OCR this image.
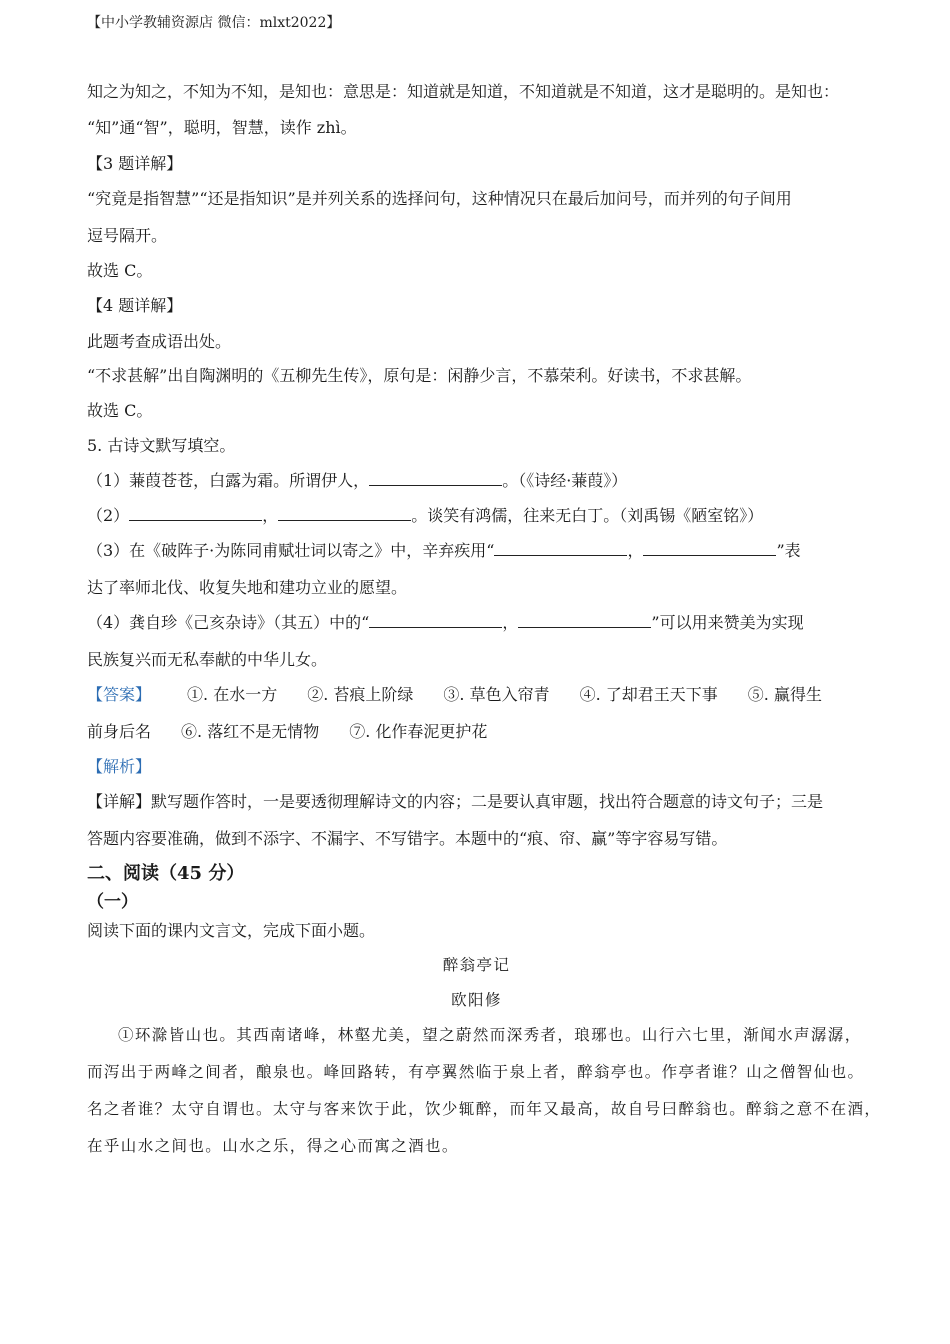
【中小学教辅资源店 微信：mlxt2022】
知之为知之，不知为不知，是知也：意思是：知道就是知道，不知道就是不知道，这才是聪明的。是知也：
“知”通“智”，聪明，智慧，读作 zhì。
【3 题详解】
“究竟是指智慧”“还是指知识”是并列关系的选择问句，这种情况只在最后加问号，而并列的句子间用
逗号隔开。
故选 C。
【4 题详解】
此题考查成语出处。
“不求甚解”出自陶渊明的《五柳先生传》，原句是：闲静少言，不慕荣利。好读书，不求甚解。
故选 C。
5. 古诗文默写填空。
（1）蒹葭苍苍，白露为霜。所谓伊人，	。（《诗经·蒹葭》）
（2）	，	。谈笑有鸿儒，往来无白丁。（刘禹锡《陋室铭》）
（3）在《破阵子·为陈同甫赋壮词以寄之》中，辛弃疾用“	，	”表
达了率师北伐、收复失地和建功立业的愿望。
（4）龚自珍《己亥杂诗》（其五）中的“	，	”可以用来赞美为实现
民族复兴而无私奉献的中华儿女。
【答案】 ①. 在水一方 ②. 苔痕上阶绿 ③. 草色入帘青 ④. 了却君王天下事 ⑤. 赢得生
前身后名 ⑥. 落红不是无情物 ⑦. 化作春泥更护花
【解析】
【详解】默写题作答时，一是要透彻理解诗文的内容；二是要认真审题，找出符合题意的诗文句子；三是
答题内容要准确，做到不添字、不漏字、不写错字。本题中的“痕、帘、赢”等字容易写错。
二、阅读（45 分）
（一）
阅读下面的课内文言文，完成下面小题。
醉翁亭记
欧阳修
①环滁皆山也。其西南诸峰，林壑尤美，望之蔚然而深秀者，琅琊也。山行六七里，渐闻水声潺潺，
而泻出于两峰之间者，酿泉也。峰回路转，有亭翼然临于泉上者，醉翁亭也。作亭者谁？山之僧智仙也。
名之者谁？太守自谓也。太守与客来饮于此，饮少辄醉，而年又最高，故自号曰醉翁也。醉翁之意不在酒，
在乎山水之间也。山水之乐，得之心而寓之酒也。
